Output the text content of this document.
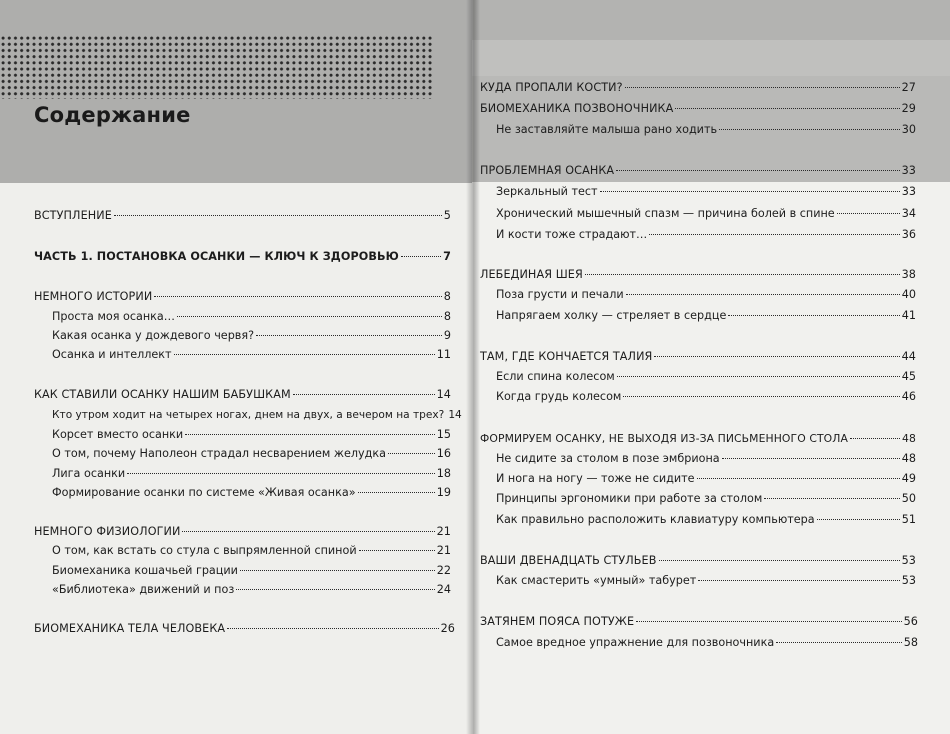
Содержание
ВСТУПЛЕНИЕ	5
ЧАСТЬ 1. ПОСТАНОВКА ОСАНКИ — КЛЮЧ К ЗДОРОВЬЮ	7
НЕМНОГО ИСТОРИИ	8
Проста моя осанка…	8
Какая осанка у дождевого червя?	9
Осанка и интеллект	11
КАК СТАВИЛИ ОСАНКУ НАШИМ БАБУШКАМ	14
Кто утром ходит на четырех ногах, днем на двух, а вечером на трех? 14
Корсет вместо осанки	15
О том, почему Наполеон страдал несварением желудка	16
Лига осанки	18
Формирование осанки по системе «Живая осанка»	19
НЕМНОГО ФИЗИОЛОГИИ	21
О том, как встать со стула с выпрямленной спиной	21
Биомеханика кошачьей грации	22
«Библиотека» движений и поз	24
БИОМЕХАНИКА ТЕЛА ЧЕЛОВЕКА	26
КУДА ПРОПАЛИ КОСТИ?	27
БИОМЕХАНИКА ПОЗВОНОЧНИКА	29
Не заставляйте малыша рано ходить	30
ПРОБЛЕМНАЯ ОСАНКА	33
Зеркальный тест	33
Хронический мышечный спазм — причина болей в спине	34
И кости тоже страдают…	36
ЛЕБЕДИНАЯ ШЕЯ	38
Поза грусти и печали	40
Напрягаем холку — стреляет в сердце	41
ТАМ, ГДЕ КОНЧАЕТСЯ ТАЛИЯ	44
Если спина колесом	45
Когда грудь колесом	46
ФОРМИРУЕМ ОСАНКУ, НЕ ВЫХОДЯ ИЗ-ЗА ПИСЬМЕННОГО СТОЛА	48
Не сидите за столом в позе эмбриона	48
И нога на ногу — тоже не сидите	49
Принципы эргономики при работе за столом	50
Как правильно расположить клавиатуру компьютера	51
ВАШИ ДВЕНАДЦАТЬ СТУЛЬЕВ	53
Как смастерить «умный» табурет	53
ЗАТЯНЕМ ПОЯСА ПОТУЖЕ	56
Самое вредное упражнение для позвоночника	58
